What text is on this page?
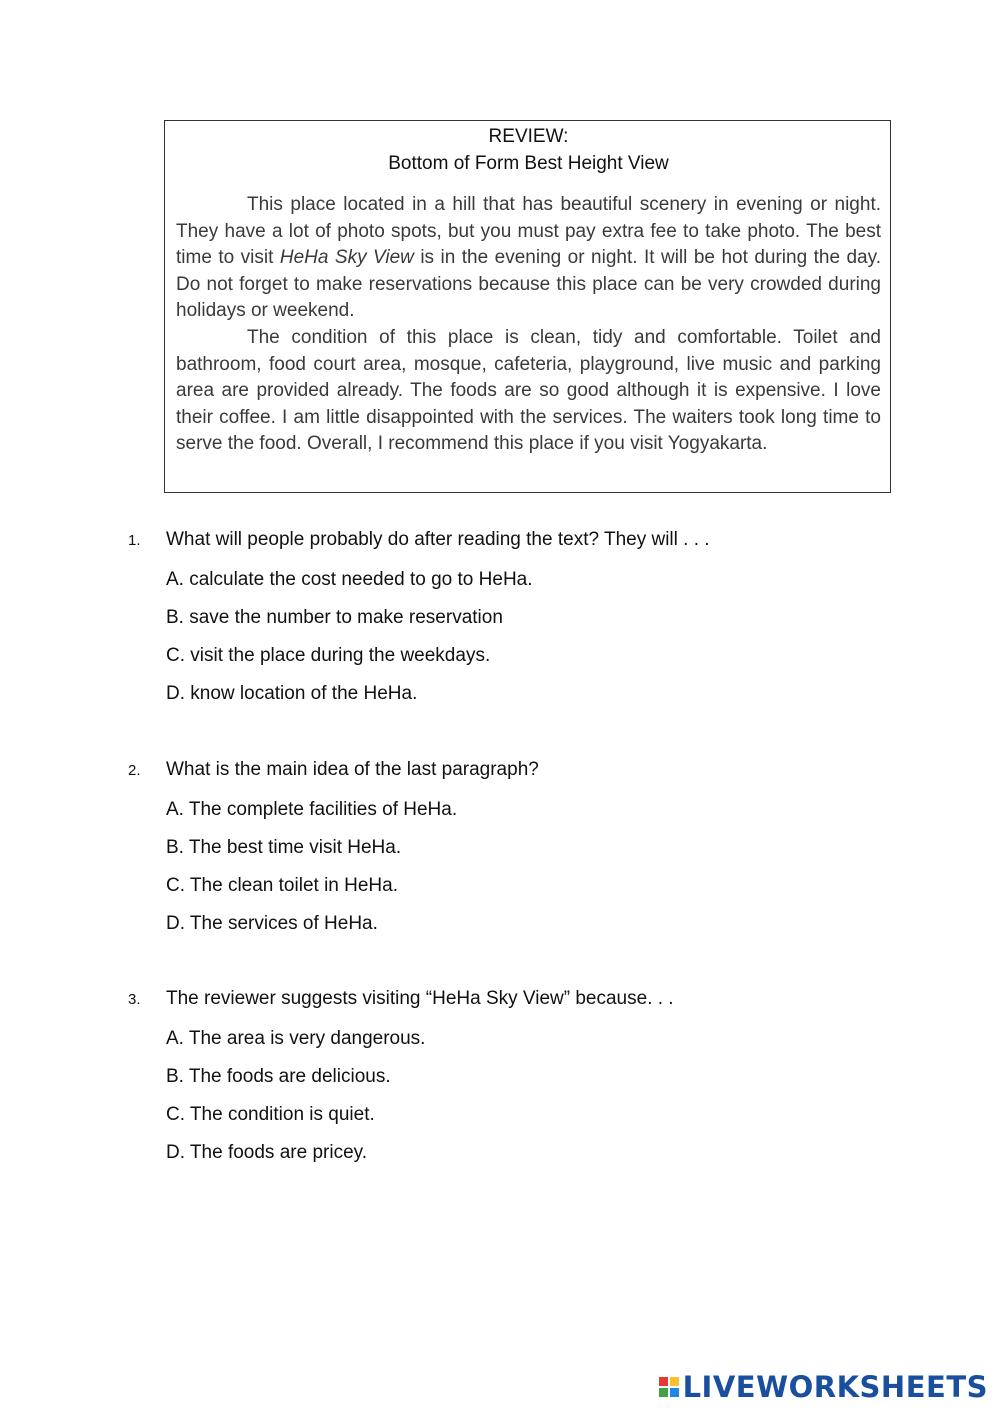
REVIEW:
Bottom of Form Best Height View

This place located in a hill that has beautiful scenery in evening or night. They have a lot of photo spots, but you must pay extra fee to take photo. The best time to visit HeHa Sky View is in the evening or night. It will be hot during the day. Do not forget to make reservations because this place can be very crowded during holidays or weekend.

The condition of this place is clean, tidy and comfortable. Toilet and bathroom, food court area, mosque, cafeteria, playground, live music and parking area are provided already. The foods are so good although it is expensive. I love their coffee. I am little disappointed with the services. The waiters took long time to serve the food. Overall, I recommend this place if you visit Yogyakarta.

1.	What will people probably do after reading the text? They will . . .
A. calculate the cost needed to go to HeHa.
B. save the number to make reservation
C. visit the place during the weekdays.
D. know location of the HeHa.
2.	What is the main idea of the last paragraph?
A. The complete facilities of HeHa.
B. The best time visit HeHa.
C. The clean toilet in HeHa.
D. The services of HeHa.
3.	The reviewer suggests visiting “HeHa Sky View” because. . .
A. The area is very dangerous.
B. The foods are delicious.
C. The condition is quiet.
D. The foods are pricey.
LIVEWORKSHEETS
